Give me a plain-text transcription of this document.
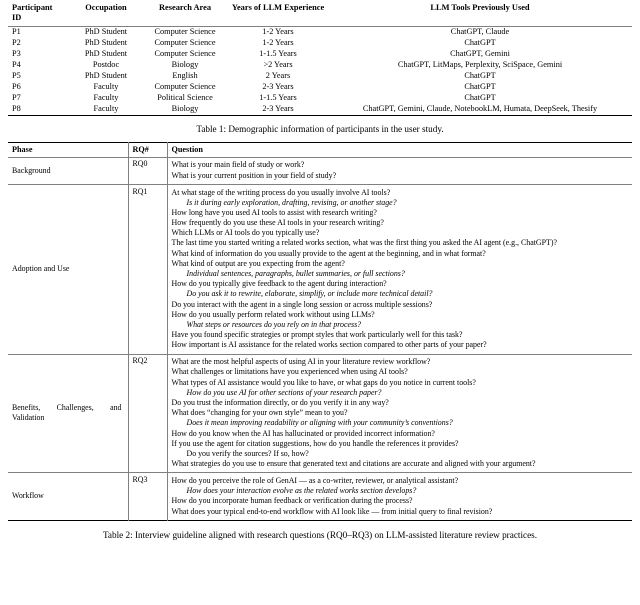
Participant
ID	Occupation	Research Area	Years of LLM Experience	LLM Tools Previously Used
P1	PhD Student	Computer Science	1-2 Years	ChatGPT, Claude
P2	PhD Student	Computer Science	1-2 Years	ChatGPT
P3	PhD Student	Computer Science	1-1.5 Years	ChatGPT, Gemini
P4	Postdoc	Biology	>2 Years	ChatGPT, LitMaps, Perplexity, SciSpace, Gemini
P5	PhD Student	English	2 Years	ChatGPT
P6	Faculty	Computer Science	2-3 Years	ChatGPT
P7	Faculty	Political Science	1-1.5 Years	ChatGPT
P8	Faculty	Biology	2-3 Years	ChatGPT, Gemini, Claude, NotebookLM, Humata, DeepSeek, Thesify
Table 1: Demographic information of participants in the user study.
Phase	RQ#	Question
Background	RQ0	What is your main field of study or work?
What is your current position in your field of study?

Adoption and Use	RQ1	At what stage of the writing process do you usually involve AI tools?
Is it during early exploration, drafting, revising, or another stage?
How long have you used AI tools to assist with research writing?
How frequently do you use these AI tools in your research writing?
Which LLMs or AI tools do you typically use?
The last time you started writing a related works section, what was the first thing you asked the AI agent (e.g., ChatGPT)?
What kind of information do you usually provide to the agent at the beginning, and in what format?
What kind of output are you expecting from the agent?
Individual sentences, paragraphs, bullet summaries, or full sections?
How do you typically give feedback to the agent during interaction?
Do you ask it to rewrite, elaborate, simplify, or include more technical detail?
Do you interact with the agent in a single long session or across multiple sessions?
How do you usually perform related work without using LLMs?
What steps or resources do you rely on in that process?
Have you found specific strategies or prompt styles that work particularly well for this task?
How important is AI assistance for the related works section compared to other parts of your paper?

Benefits, Challenges, and Validation	RQ2	What are the most helpful aspects of using AI in your literature review workflow?
What challenges or limitations have you experienced when using AI tools?
What types of AI assistance would you like to have, or what gaps do you notice in current tools?
How do you use AI for other sections of your research paper?
Do you trust the information directly, or do you verify it in any way?
What does “changing for your own style” mean to you?
Does it mean improving readability or aligning with your community’s conventions?
How do you know when the AI has hallucinated or provided incorrect information?
If you use the agent for citation suggestions, how do you handle the references it provides?
Do you verify the sources? If so, how?
What strategies do you use to ensure that generated text and citations are accurate and aligned with your argument?

Workflow	RQ3	How do you perceive the role of GenAI — as a co-writer, reviewer, or analytical assistant?
How does your interaction evolve as the related works section develops?
How do you incorporate human feedback or verification during the process?
What does your typical end-to-end workflow with AI look like — from initial query to final revision?
Table 2: Interview guideline aligned with research questions (RQ0–RQ3) on LLM-assisted literature review practices.
